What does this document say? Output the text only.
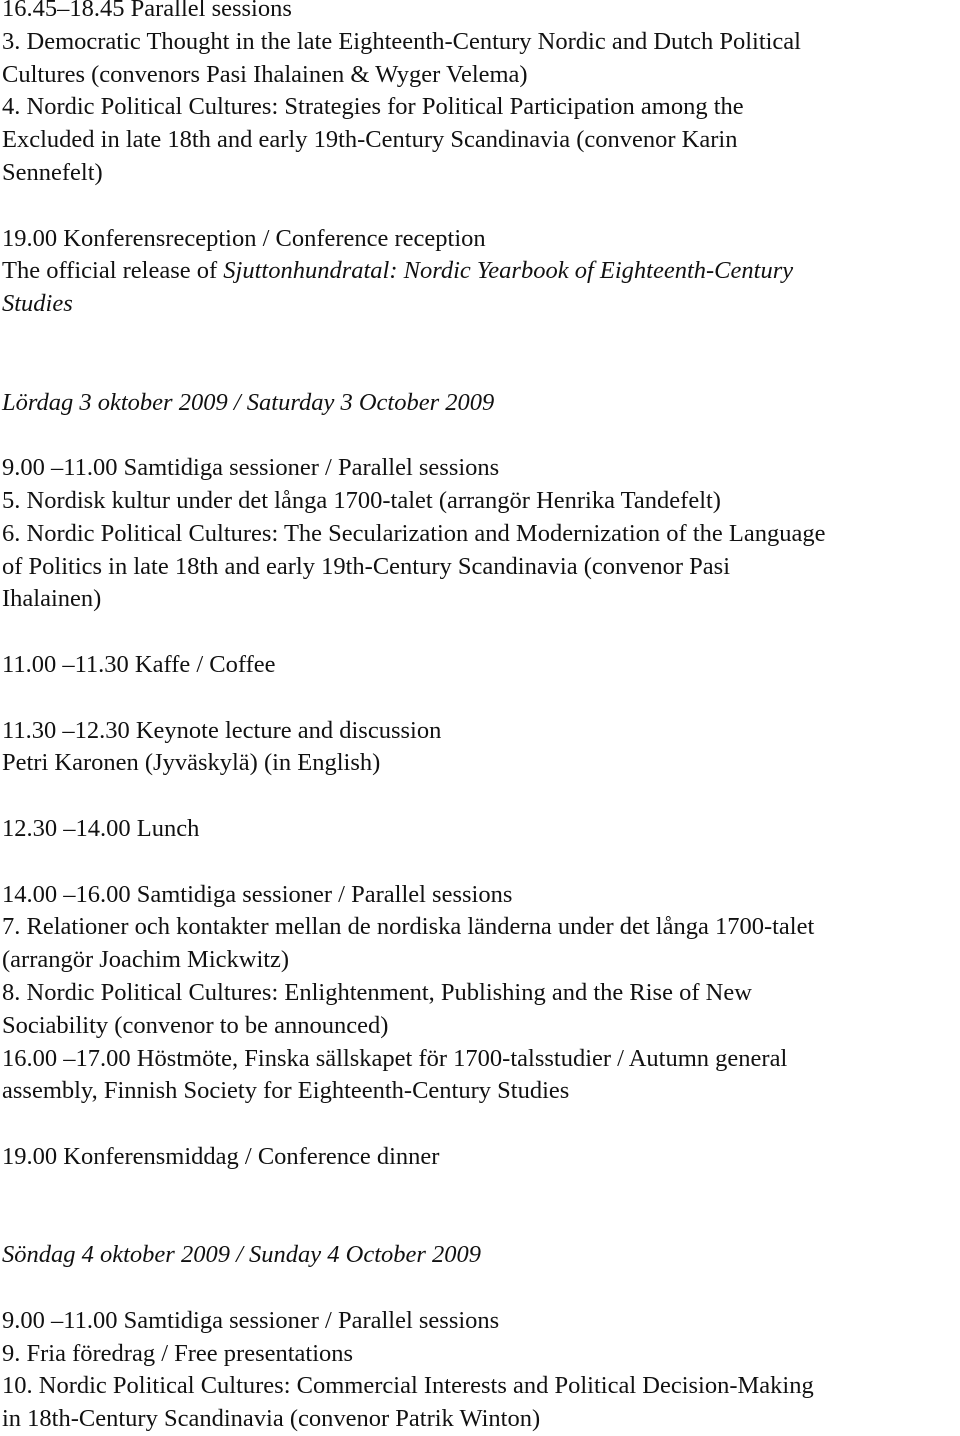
16.45–18.45 Parallel sessions
3. Democratic Thought in the late Eighteenth-Century Nordic and Dutch Political
Cultures (convenors Pasi Ihalainen & Wyger Velema)
4. Nordic Political Cultures: Strategies for Political Participation among the
Excluded in late 18th and early 19th-Century Scandinavia (convenor Karin
Sennefelt)
19.00 Konferensreception / Conference reception
The official release of Sjuttonhundratal: Nordic Yearbook of Eighteenth-Century
Studies
Lördag 3 oktober 2009 / Saturday 3 October 2009
9.00 –11.00 Samtidiga sessioner / Parallel sessions
5. Nordisk kultur under det långa 1700-talet (arrangör Henrika Tandefelt)
6. Nordic Political Cultures: The Secularization and Modernization of the Language
of Politics in late 18th and early 19th-Century Scandinavia (convenor Pasi
Ihalainen)
11.00 –11.30 Kaffe / Coffee
11.30 –12.30 Keynote lecture and discussion
Petri Karonen (Jyväskylä) (in English)
12.30 –14.00 Lunch
14.00 –16.00 Samtidiga sessioner / Parallel sessions
7. Relationer och kontakter mellan de nordiska länderna under det långa 1700-talet
(arrangör Joachim Mickwitz)
8. Nordic Political Cultures: Enlightenment, Publishing and the Rise of New
Sociability (convenor to be announced)
16.00 –17.00 Höstmöte, Finska sällskapet för 1700-talsstudier / Autumn general
assembly, Finnish Society for Eighteenth-Century Studies
19.00 Konferensmiddag / Conference dinner
Söndag 4 oktober 2009 / Sunday 4 October 2009
9.00 –11.00 Samtidiga sessioner / Parallel sessions
9. Fria föredrag / Free presentations
10. Nordic Political Cultures: Commercial Interests and Political Decision-Making
in 18th-Century Scandinavia (convenor Patrik Winton)
